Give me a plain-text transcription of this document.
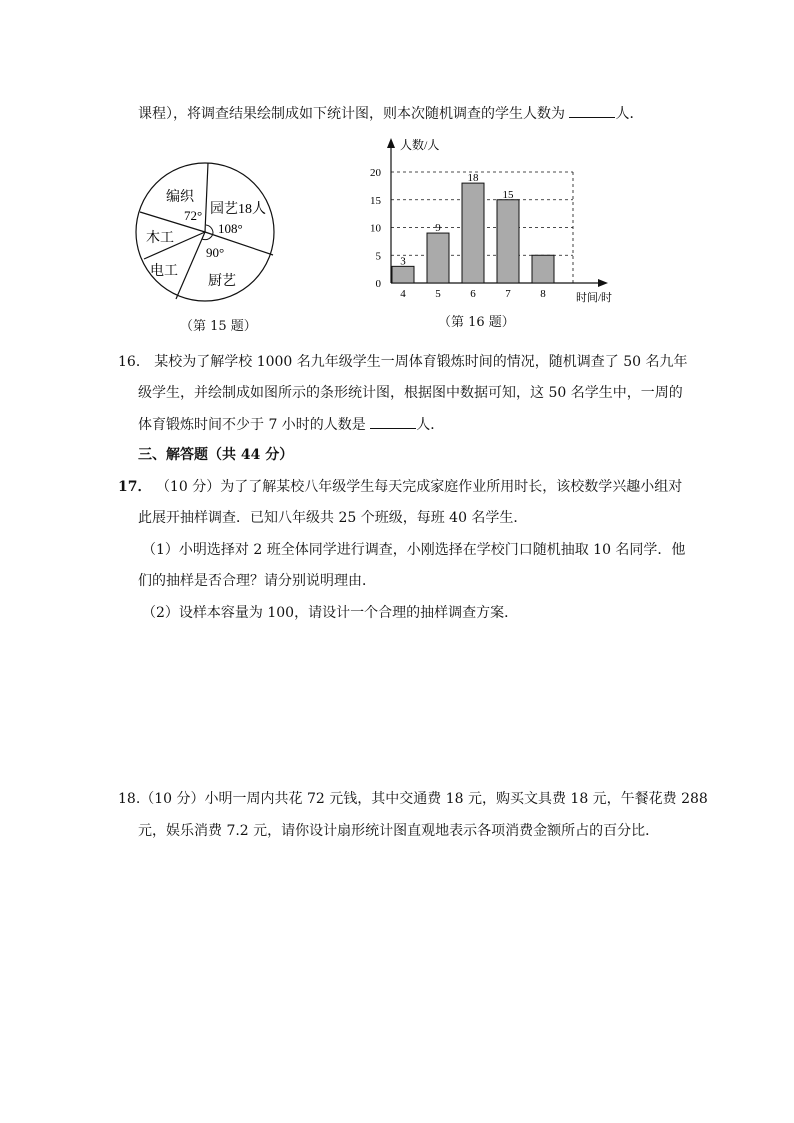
课程），将调查结果绘制成如下统计图，则本次随机调查的学生人数为	人．
编织
72° 园艺18人
108°
木工
90°
电工
厨艺
（第 15 题）
人数/人
时间/时
0
5
10
15
20
4
3
5
9
6
18
7
15
8
（第 16 题）
16． 某校为了解学校 1000 名九年级学生一周体育锻炼时间的情况，随机调查了 50 名九年
级学生，并绘制成如图所示的条形统计图，根据图中数据可知，这 50 名学生中，一周的
体育锻炼时间不少于 7 小时的人数是	人．
三、解答题（共 44 分）
17． （10 分）为了了解某校八年级学生每天完成家庭作业所用时长，该校数学兴趣小组对
此展开抽样调查．已知八年级共 25 个班级，每班 40 名学生．
（1）小明选择对 2 班全体同学进行调查，小刚选择在学校门口随机抽取 10 名同学．他
们的抽样是否合理？请分别说明理由．
（2）设样本容量为 100，请设计一个合理的抽样调查方案．
18.（10 分）小明一周内共花 72 元钱，其中交通费 18 元，购买文具费 18 元，午餐花费 288
元，娱乐消费 7.2 元，请你设计扇形统计图直观地表示各项消费金额所占的百分比．
